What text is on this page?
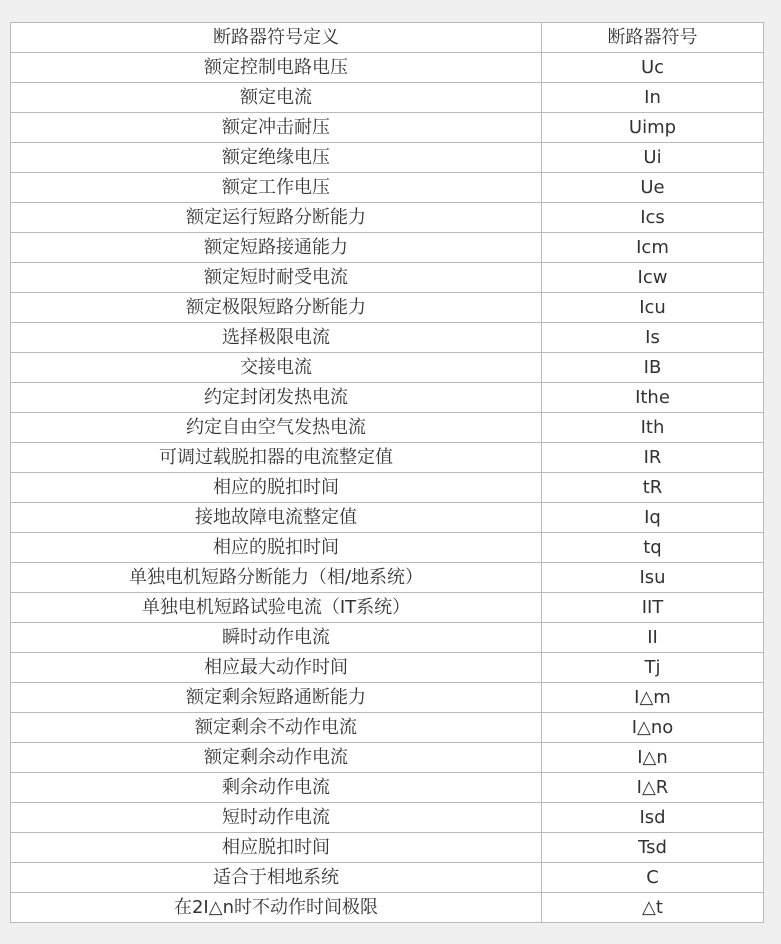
断路器符号定义	断路器符号
额定控制电路电压	Uc
额定电流	In
额定冲击耐压	Uimp
额定绝缘电压	Ui
额定工作电压	Ue
额定运行短路分断能力	Ics
额定短路接通能力	Icm
额定短时耐受电流	Icw
额定极限短路分断能力	Icu
选择极限电流	Is
交接电流	IB
约定封闭发热电流	Ithe
约定自由空气发热电流	Ith
可调过载脱扣器的电流整定值	IR
相应的脱扣时间	tR
接地故障电流整定值	Iq
相应的脱扣时间	tq
单独电机短路分断能力（相/地系统）	Isu
单独电机短路试验电流（IT系统）	IIT
瞬时动作电流	II
相应最大动作时间	Tj
额定剩余短路通断能力	I△m
额定剩余不动作电流	I△no
额定剩余动作电流	I△n
剩余动作电流	I△R
短时动作电流	Isd
相应脱扣时间	Tsd
适合于相地系统	C
在2I△n时不动作时间极限	△t
